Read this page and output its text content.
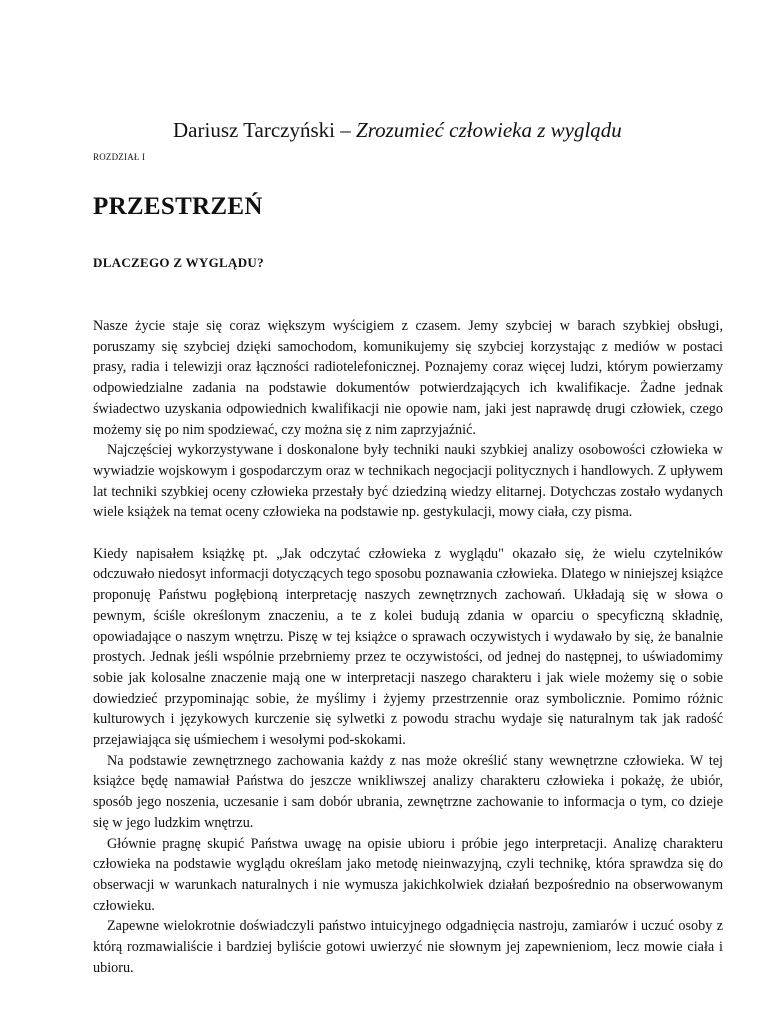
Dariusz Tarczyński – Zrozumieć człowieka z wyglądu
ROZDZIAŁ I
PRZESTRZEŃ
DLACZEGO Z WYGLĄDU?

Nasze życie staje się coraz większym wyścigiem z czasem. Jemy szybciej w barach szybkiej obsługi, poruszamy się szybciej dzięki samochodom, komunikujemy się szybciej korzystając z mediów w postaci prasy, radia i telewizji oraz łączności radiotelefonicznej. Poznajemy coraz więcej ludzi, którym powierzamy odpowiedzialne zadania na podstawie dokumentów potwierdzających ich kwalifikacje. Żadne jednak świadectwo uzyskania odpowiednich kwalifikacji nie opowie nam, jaki jest naprawdę drugi człowiek, czego możemy się po nim spodziewać, czy można się z nim zaprzyjaźnić.

Najczęściej wykorzystywane i doskonalone były techniki nauki szybkiej analizy osobowości człowieka w wywiadzie wojskowym i gospodarczym oraz w technikach negocjacji politycznych i handlowych. Z upływem lat techniki szybkiej oceny człowieka przestały być dziedziną wiedzy elitarnej. Dotychczas zostało wydanych wiele książek na temat oceny człowieka na podstawie np. gestykulacji, mowy ciała, czy pisma.

Kiedy napisałem książkę pt. „Jak odczytać człowieka z wyglądu" okazało się, że wielu czytelników odczuwało niedosyt informacji dotyczących tego sposobu poznawania człowieka. Dlatego w niniejszej książce proponuję Państwu pogłębioną interpretację naszych zewnętrznych zachowań. Układają się w słowa o pewnym, ściśle określonym znaczeniu, a te z kolei budują zdania w oparciu o specyficzną składnię, opowiadające o naszym wnętrzu. Piszę w tej książce o sprawach oczywistych i wydawało by się, że banalnie prostych. Jednak jeśli wspólnie przebrniemy przez te oczywistości, od jednej do następnej, to uświadomimy sobie jak kolosalne znaczenie mają one w interpretacji naszego charakteru i jak wiele możemy się o sobie dowiedzieć przypominając sobie, że myślimy i żyjemy przestrzennie oraz symbolicznie. Pomimo różnic kulturowych i językowych kurczenie się sylwetki z powodu strachu wydaje się naturalnym tak jak radość przejawiająca się uśmiechem i wesołymi pod-skokami.

Na podstawie zewnętrznego zachowania każdy z nas może określić stany wewnętrzne człowieka. W tej książce będę namawiał Państwa do jeszcze wnikliwszej analizy charakteru człowieka i pokażę, że ubiór, sposób jego noszenia, uczesanie i sam dobór ubrania, zewnętrzne zachowanie to informacja o tym, co dzieje się w jego ludzkim wnętrzu.

Głównie pragnę skupić Państwa uwagę na opisie ubioru i próbie jego interpretacji. Analizę charakteru człowieka na podstawie wyglądu określam jako metodę nieinwazyjną, czyli technikę, która sprawdza się do obserwacji w warunkach naturalnych i nie wymusza jakichkolwiek działań bezpośrednio na obserwowanym człowieku.

Zapewne wielokrotnie doświadczyli państwo intuicyjnego odgadnięcia nastroju, zamiarów i uczuć osoby z którą rozmawialiście i bardziej byliście gotowi uwierzyć nie słownym jej zapewnieniom, lecz mowie ciała i ubioru.
